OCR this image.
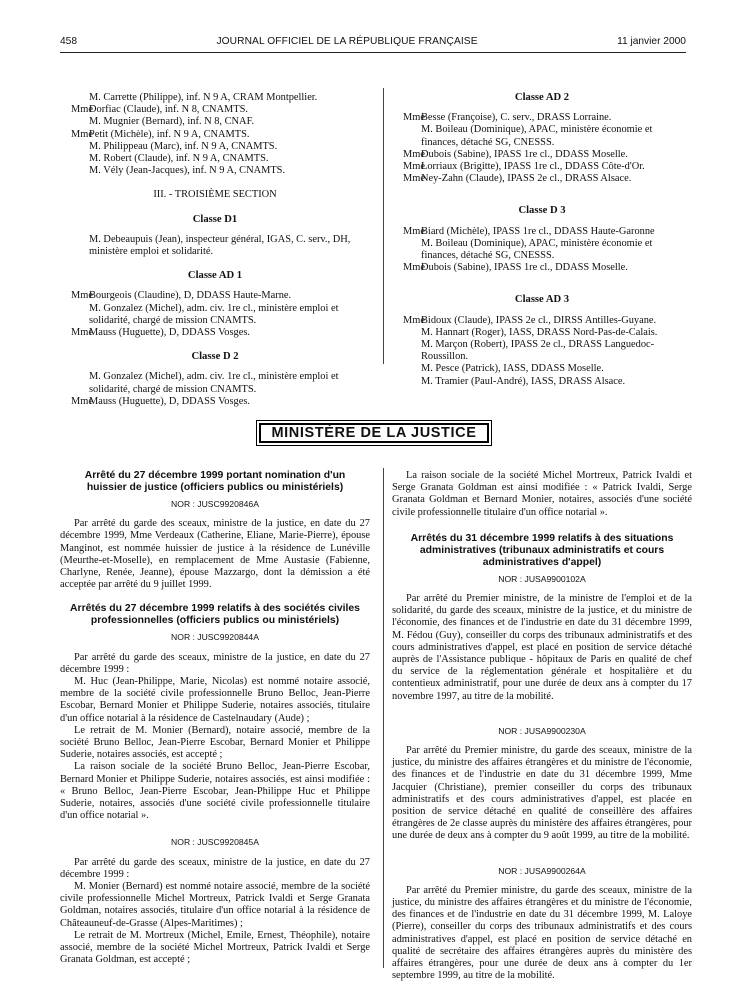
458	JOURNAL OFFICIEL DE LA RÉPUBLIQUE FRANÇAISE	11 janvier 2000

M. Carrette (Philippe), inf. N 9 A, CRAM Montpellier.

MmeDorfiac (Claude), inf. N 8, CNAMTS.

M. Mugnier (Bernard), inf. N 8, CNAF.

MmePetit (Michèle), inf. N 9 A, CNAMTS.

M. Philippeau (Marc), inf. N 9 A, CNAMTS.

M. Robert (Claude), inf. N 9 A, CNAMTS.

M. Vély (Jean-Jacques), inf. N 9 A, CNAMTS.

III. - TROISIÈME SECTION

Classe D1

M. Debeaupuis (Jean), inspecteur général, IGAS, C. serv., DH, ministère emploi et solidarité.

Classe AD 1

MmeBourgeois (Claudine), D, DDASS Haute-Marne.

M. Gonzalez (Michel), adm. civ. 1re cl., ministère emploi et solidarité, chargé de mission CNAMTS.

MmeMauss (Huguette), D, DDASS Vosges.

Classe D 2

M. Gonzalez (Michel), adm. civ. 1re cl., ministère emploi et solidarité, chargé de mission CNAMTS.

MmeMauss (Huguette), D, DDASS Vosges.

Classe AD 2

MmeBesse (Françoise), C. serv., DRASS Lorraine.

M. Boileau (Dominique), APAC, ministère économie et finances, détaché SG, CNESSS.

MmeDubois (Sabine), IPASS 1re cl., DDASS Moselle.

MmeLorriaux (Brigitte), IPASS 1re cl., DDASS Côte-d'Or.

MmeNey-Zahn (Claude), IPASS 2e cl., DRASS Alsace.

Classe D 3

MmeBiard (Michèle), IPASS 1re cl., DDASS Haute-Garonne

M. Boileau (Dominique), APAC, ministère économie et finances, détaché SG, CNESSS.

MmeDubois (Sabine), IPASS 1re cl., DDASS Moselle.

Classe AD 3

MmeBidoux (Claude), IPASS 2e cl., DIRSS Antilles-Guyane.

M. Hannart (Roger), IASS, DRASS Nord-Pas-de-Calais.

M. Marçon (Robert), IPASS 2e cl., DRASS Languedoc-Roussillon.

M. Pesce (Patrick), IASS, DDASS Moselle.

M. Tramier (Paul-André), IASS, DRASS Alsace.

MINISTÈRE DE LA JUSTICE

Arrêté du 27 décembre 1999 portant nomination d'un huissier de justice (officiers publics ou ministériels)

NOR : JUSC9920846A

Par arrêté du garde des sceaux, ministre de la justice, en date du 27 décembre 1999, Mme Verdeaux (Catherine, Eliane, Marie-Pierre), épouse Manginot, est nommée huissier de justice à la résidence de Lunéville (Meurthe-et-Moselle), en remplacement de Mme Austasie (Fabienne, Charlyne, Renée, Jeanne), épouse Mazzargo, dont la démission a été acceptée par arrêté du 9 juillet 1999.

Arrêtés du 27 décembre 1999 relatifs à des sociétés civiles professionnelles (officiers publics ou ministériels)

NOR : JUSC9920844A

Par arrêté du garde des sceaux, ministre de la justice, en date du 27 décembre 1999 :

M. Huc (Jean-Philippe, Marie, Nicolas) est nommé notaire associé, membre de la société civile professionnelle Bruno Belloc, Jean-Pierre Escobar, Bernard Monier et Philippe Suderie, notaires associés, titulaire d'un office notarial à la résidence de Castelnaudary (Aude) ;

Le retrait de M. Monier (Bernard), notaire associé, membre de la société Bruno Belloc, Jean-Pierre Escobar, Bernard Monier et Philippe Suderie, notaires associés, est accepté ;

La raison sociale de la société Bruno Belloc, Jean-Pierre Escobar, Bernard Monier et Philippe Suderie, notaires associés, est ainsi modifiée : « Bruno Belloc, Jean-Pierre Escobar, Jean-Philippe Huc et Philippe Suderie, notaires, associés d'une société civile professionnelle titulaire d'un office notarial ».

NOR : JUSC9920845A

Par arrêté du garde des sceaux, ministre de la justice, en date du 27 décembre 1999 :

M. Monier (Bernard) est nommé notaire associé, membre de la société civile professionnelle Michel Mortreux, Patrick Ivaldi et Serge Granata Goldman, notaires associés, titulaire d'un office notarial à la résidence de Châteauneuf-de-Grasse (Alpes-Maritimes) ;

Le retrait de M. Mortreux (Michel, Emile, Ernest, Théophile), notaire associé, membre de la société Michel Mortreux, Patrick Ivaldi et Serge Granata Goldman, est accepté ;

La raison sociale de la société Michel Mortreux, Patrick Ivaldi et Serge Granata Goldman est ainsi modifiée : « Patrick Ivaldi, Serge Granata Goldman et Bernard Monier, notaires, associés d'une société civile professionnelle titulaire d'un office notarial ».

Arrêtés du 31 décembre 1999 relatifs à des situations administratives (tribunaux administratifs et cours administratives d'appel)

NOR : JUSA9900102A

Par arrêté du Premier ministre, de la ministre de l'emploi et de la solidarité, du garde des sceaux, ministre de la justice, et du ministre de l'économie, des finances et de l'industrie en date du 31 décembre 1999, M. Fédou (Guy), conseiller du corps des tribunaux administratifs et des cours administratives d'appel, est placé en position de service détaché auprès de l'Assistance publique - hôpitaux de Paris en qualité de chef du service de la réglementation générale et hospitalière et du contentieux administratif, pour une durée de deux ans à compter du 17 novembre 1997, au titre de la mobilité.

NOR : JUSA9900230A

Par arrêté du Premier ministre, du garde des sceaux, ministre de la justice, du ministre des affaires étrangères et du ministre de l'économie, des finances et de l'industrie en date du 31 décembre 1999, Mme Jacquier (Christiane), premier conseiller du corps des tribunaux administratifs et des cours administratives d'appel, est placée en position de service détaché en qualité de conseillère des affaires étrangères de 2e classe auprès du ministère des affaires étrangères, pour une durée de deux ans à compter du 9 août 1999, au titre de la mobilité.

NOR : JUSA9900264A

Par arrêté du Premier ministre, du garde des sceaux, ministre de la justice, du ministre des affaires étrangères et du ministre de l'économie, des finances et de l'industrie en date du 31 décembre 1999, M. Laloye (Pierre), conseiller du corps des tribunaux administratifs et des cours administratives d'appel, est placé en position de service détaché en qualité de secrétaire des affaires étrangères auprès du ministère des affaires étrangères, pour une durée de deux ans à compter du 1er septembre 1999, au titre de la mobilité.
